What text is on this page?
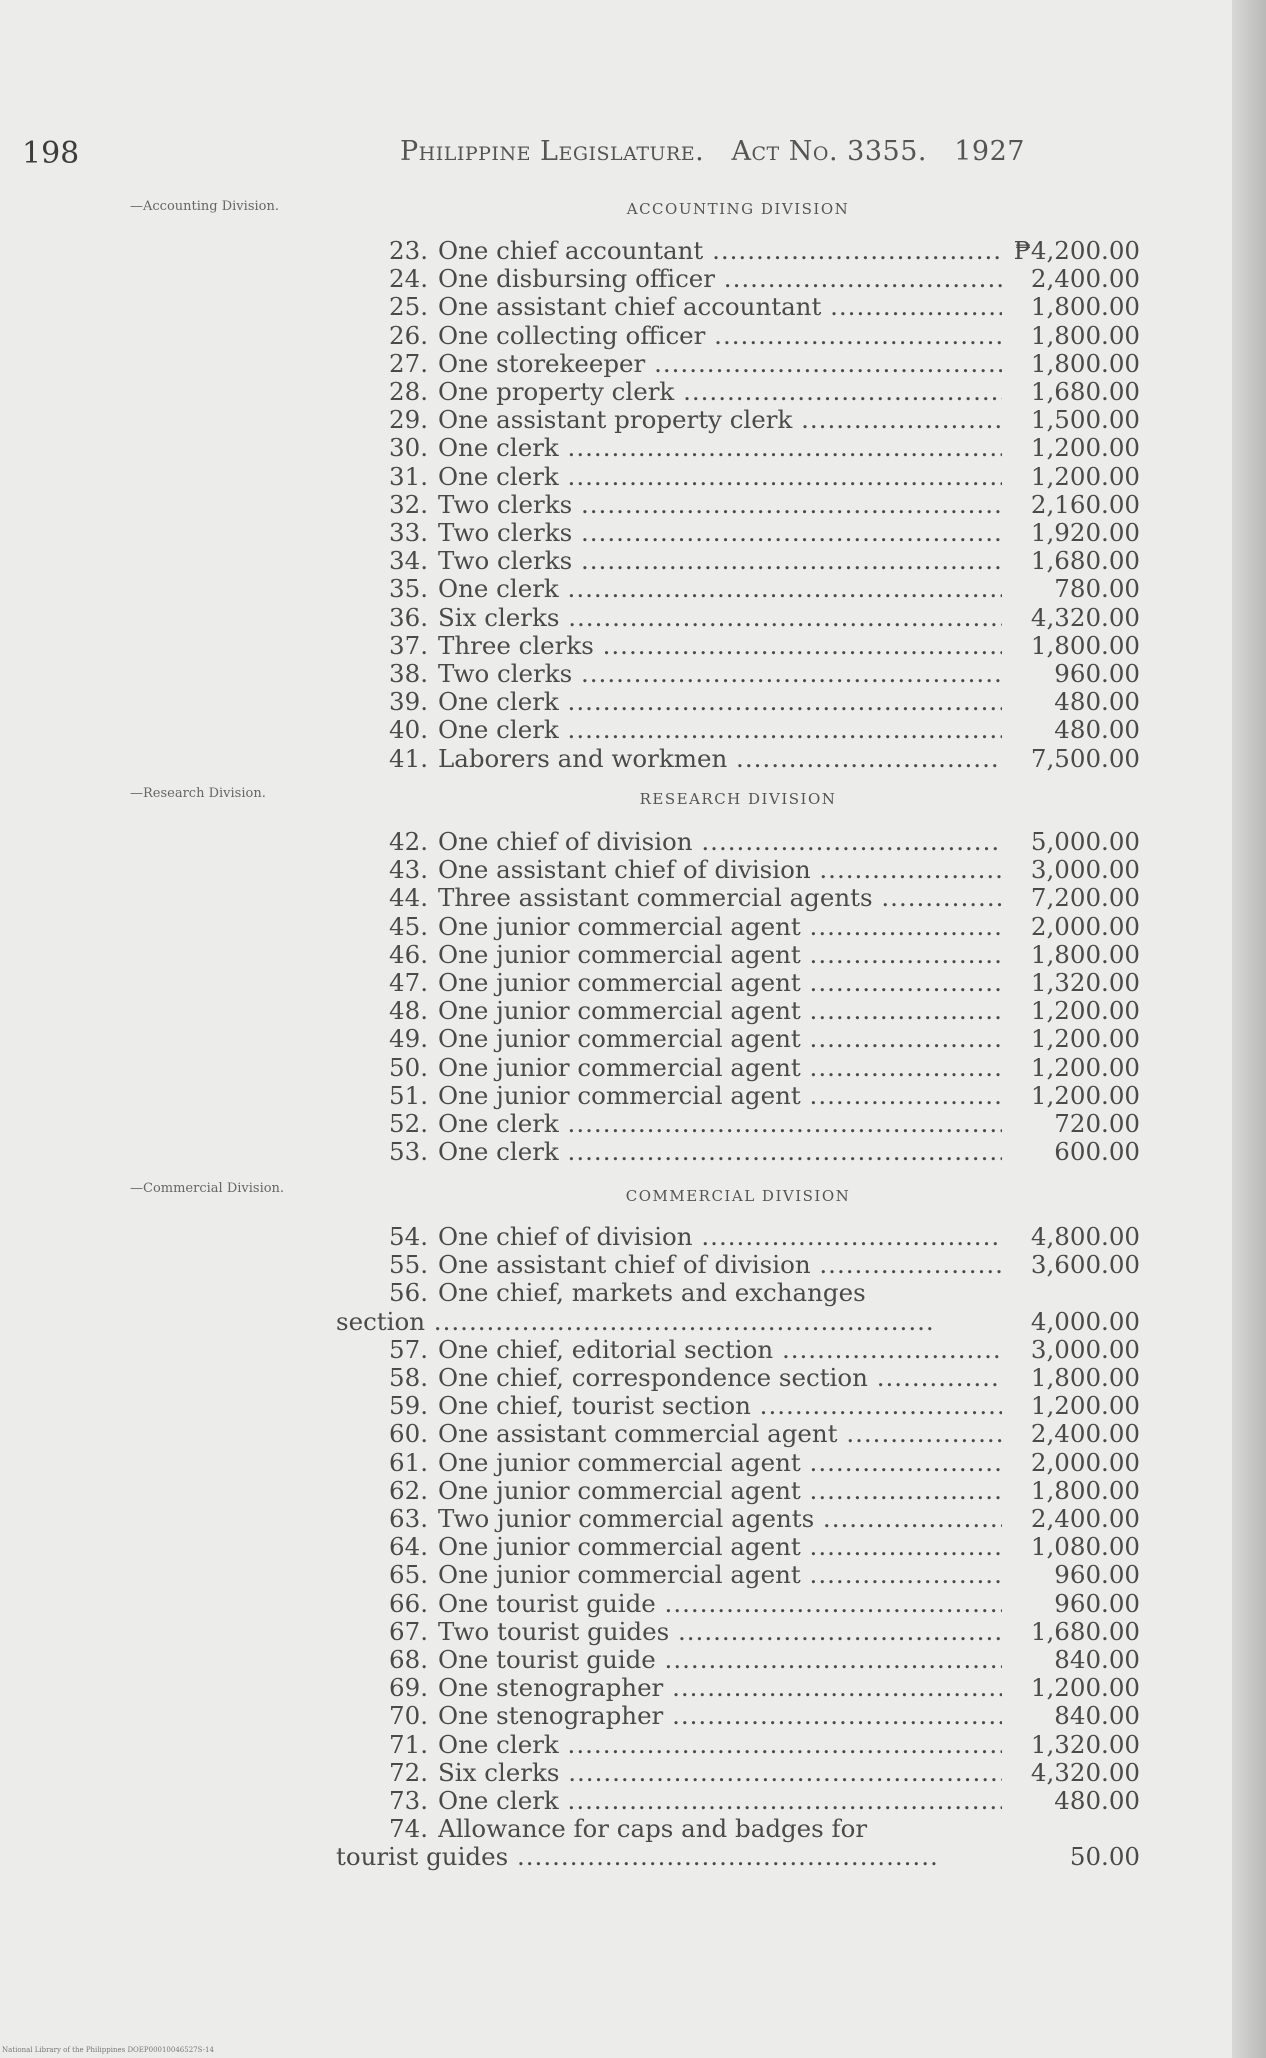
198	Philippine Legislature. Act No. 3355. 1927
—Accounting Division.	ACCOUNTING DIVISION
23. One chief accountant .....	₱4,200.00
24. One disbursing officer .....	2,400.00
25. One assistant chief accountant .....	1,800.00
26. One collecting officer .....	1,800.00
27. One storekeeper .....	1,800.00
28. One property clerk .....	1,680.00
29. One assistant property clerk .....	1,500.00
30. One clerk .....	1,200.00
31. One clerk .....	1,200.00
32. Two clerks .....	2,160.00
33. Two clerks .....	1,920.00
34. Two clerks .....	1,680.00
35. One clerk .....	780.00
36. Six clerks .....	4,320.00
37. Three clerks .....	1,800.00
38. Two clerks .....	960.00
39. One clerk .....	480.00
40. One clerk .....	480.00
41. Laborers and workmen .....	7,500.00
—Research Division.	RESEARCH DIVISION
42. One chief of division .....	5,000.00
43. One assistant chief of division .....	3,000.00
44. Three assistant commercial agents .....	7,200.00
45. One junior commercial agent .....	2,000.00
46. One junior commercial agent .....	1,800.00
47. One junior commercial agent .....	1,320.00
48. One junior commercial agent .....	1,200.00
49. One junior commercial agent .....	1,200.00
50. One junior commercial agent .....	1,200.00
51. One junior commercial agent .....	1,200.00
52. One clerk .....	720.00
53. One clerk .....	600.00
—Commercial Division.	COMMERCIAL DIVISION
54. One chief of division .....	4,800.00
55. One assistant chief of division .....	3,600.00
56. One chief, markets and exchanges
section .....	4,000.00
57. One chief, editorial section .....	3,000.00
58. One chief, correspondence section .....	1,800.00
59. One chief, tourist section .....	1,200.00
60. One assistant commercial agent .....	2,400.00
61. One junior commercial agent .....	2,000.00
62. One junior commercial agent .....	1,800.00
63. Two junior commercial agents .....	2,400.00
64. One junior commercial agent .....	1,080.00
65. One junior commercial agent .....	960.00
66. One tourist guide .....	960.00
67. Two tourist guides .....	1,680.00
68. One tourist guide .....	840.00
69. One stenographer .....	1,200.00
70. One stenographer .....	840.00
71. One clerk .....	1,320.00
72. Six clerks .....	4,320.00
73. One clerk .....	480.00
74. Allowance for caps and badges for
tourist guides .....	50.00
National Library of the Philippines DOEP00010046527S-14
